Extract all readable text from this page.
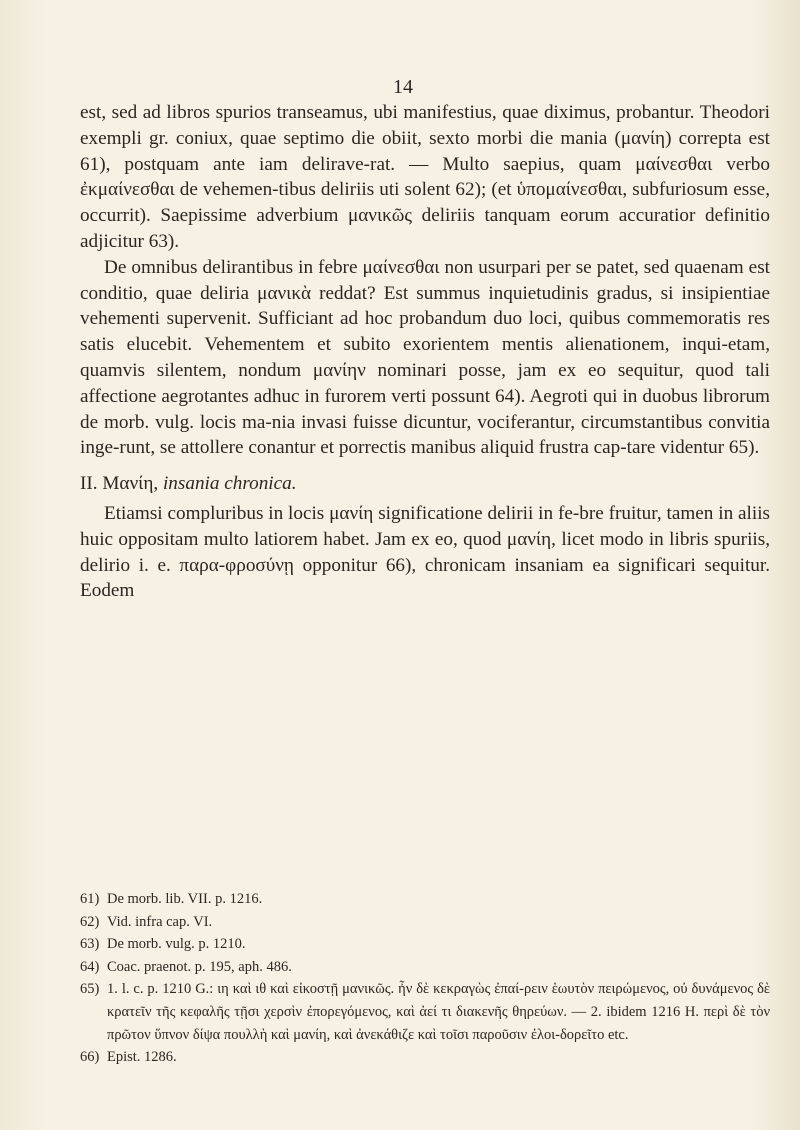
14

est, sed ad libros spurios transeamus, ubi manifestius, quae diximus, probantur. Theodori exempli gr. coniux, quae septimo die obiit, sexto morbi die mania (μανίη) correpta est 61), postquam ante iam delirave-rat. — Multo saepius, quam μαίνεσθαι verbo ἐκμαίνεσθαι de vehemen-tibus deliriis uti solent 62); (et ὑπομαίνεσθαι, subfuriosum esse, occurrit). Saepissime adverbium μανικῶς deliriis tanquam eorum accuratior definitio adjicitur 63).

De omnibus delirantibus in febre μαίνεσθαι non usurpari per se patet, sed quaenam est conditio, quae deliria μανικὰ reddat? Est summus inquietudinis gradus, si insipientiae vehementi supervenit. Sufficiant ad hoc probandum duo loci, quibus commemoratis res satis elucebit. Vehementem et subito exorientem mentis alienationem, inqui-etam, quamvis silentem, nondum μανίην nominari posse, jam ex eo sequitur, quod tali affectione aegrotantes adhuc in furorem verti possunt 64). Aegroti qui in duobus librorum de morb. vulg. locis ma-nia invasi fuisse dicuntur, vociferantur, circumstantibus convitia inge-runt, se attollere conantur et porrectis manibus aliquid frustra cap-tare videntur 65).

II. Μανίη, insania chronica.

Etiamsi compluribus in locis μανίη significatione delirii in fe-bre fruitur, tamen in aliis huic oppositam multo latiorem habet. Jam ex eo, quod μανίη, licet modo in libris spuriis, delirio i. e. παρα-φροσύνῃ opponitur 66), chronicam insaniam ea significari sequitur. Eodem

61) De morb. lib. VII. p. 1216.
62) Vid. infra cap. VI.
63) De morb. vulg. p. 1210.
64) Coac. praenot. p. 195, aph. 486.
65) 1. l. c. p. 1210 G.: ιη καὶ ιθ καὶ εἰκοστῇ μανικῶς. ἦν δὲ κεκραγὼς ἐπαί-ρειν ἑωυτὸν πειρώμενος, οὐ δυνάμενος δὲ κρατεῖν τῆς κεφαλῆς τῇσι χερσὶν ἐπορεγόμενος, καὶ ἀεί τι διακενῆς θηρεύων. — 2. ibidem 1216 H. περὶ δὲ τὸν πρῶτον ὕπνον δίψα πουλλὴ καὶ μανίη, καὶ ἀνεκάθιζε καὶ τοῖσι παροῦσιν ἐλοι-δορεῖτο etc.
66) Epist. 1286.
